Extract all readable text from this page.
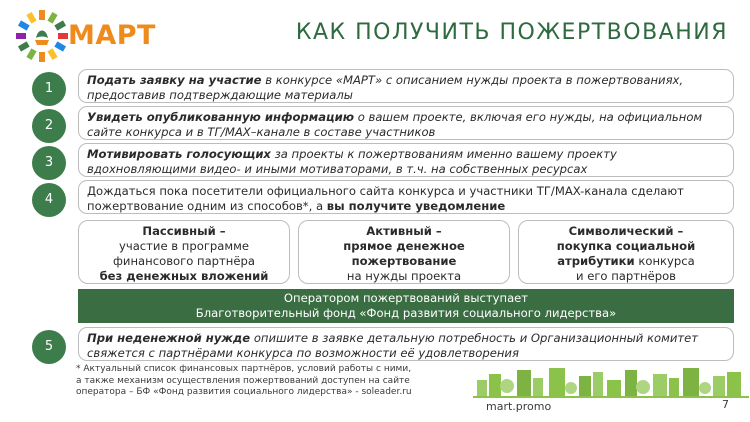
МАРТ	КАК ПОЛУЧИТЬ ПОЖЕРТВОВАНИЯ
1
Подать заявку на участие в конкурсе «МАРТ» с описанием нужды проекта в пожертвованиях, предоставив подтверждающие материалы
2
Увидеть опубликованную информацию о вашем проекте, включая его нужды, на официальном сайте конкурса и в ТГ/MAX–канале в составе участников
3
Мотивировать голосующих за проекты к пожертвованиям именно вашему проекту вдохновляющими видео- и иными мотиваторами, в т.ч. на собственных ресурсах
4
Дождаться пока посетители официального сайта конкурса и участники ТГ/MAX-канала сделают пожертвование одним из способов*, а вы получите уведомление
Пассивный –
участие в программе
финансового партнёра
без денежных вложений
Активный –
прямое денежное
пожертвование
на нужды проекта
Символический –
покупка социальной
атрибутики конкурса
и его партнёров
Оператором пожертвований выступает
Благотворительный фонд «Фонд развития социального лидерства»
5
При неденежной нужде опишите в заявке детальную потребность и Организационный комитет свяжется с партнёрами конкурса по возможности её удовлетворения
* Актуальный список финансовых партнёров, условий работы с ними,
а также механизм осуществления пожертвований доступен на сайте
оператора – БФ «Фонд развития социального лидерства» - soleader.ru
mart.promo	7
